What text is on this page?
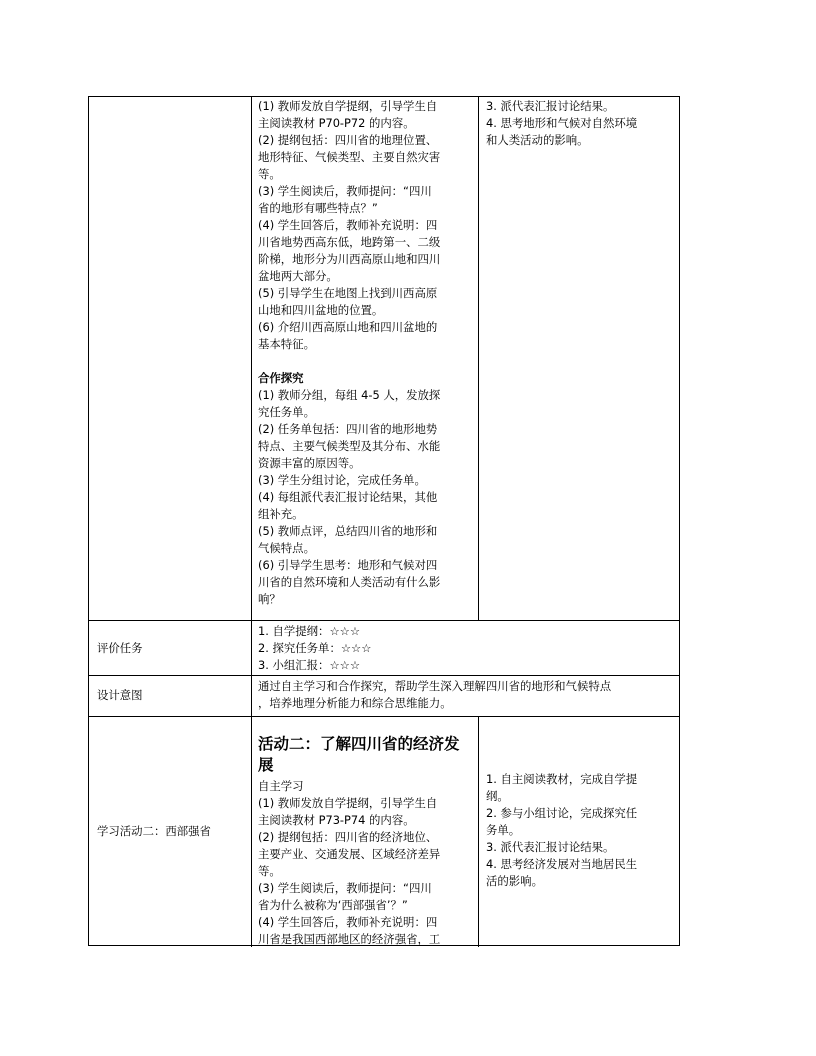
(1) 教师发放自学提纲，引导学生自

主阅读教材 P70-P72 的内容。

(2) 提纲包括：四川省的地理位置、

地形特征、气候类型、主要自然灾害

等。

(3) 学生阅读后，教师提问：“四川

省的地形有哪些特点？”

(4) 学生回答后，教师补充说明：四

川省地势西高东低，地跨第一、二级

阶梯，地形分为川西高原山地和四川

盆地两大部分。

(5) 引导学生在地图上找到川西高原

山地和四川盆地的位置。

(6) 介绍川西高原山地和四川盆地的

基本特征。

合作探究

(1) 教师分组，每组 4-5 人，发放探

究任务单。

(2) 任务单包括：四川省的地形地势

特点、主要气候类型及其分布、水能

资源丰富的原因等。

(3) 学生分组讨论，完成任务单。

(4) 每组派代表汇报讨论结果，其他

组补充。

(5) 教师点评，总结四川省的地形和

气候特点。

(6) 引导学生思考：地形和气候对四

川省的自然环境和人类活动有什么影

响？

3. 派代表汇报讨论结果。

4. 思考地形和气候对自然环境

和人类活动的影响。

评价任务

1. 自学提纲：☆☆☆

2. 探究任务单：☆☆☆

3. 小组汇报：☆☆☆

设计意图

通过自主学习和合作探究，帮助学生深入理解四川省的地形和气候特点

，培养地理分析能力和综合思维能力。

学习活动二：西部强省

活动二：了解四川省的经济发

展

自主学习

(1) 教师发放自学提纲，引导学生自

主阅读教材 P73-P74 的内容。

(2) 提纲包括：四川省的经济地位、

主要产业、交通发展、区域经济差异

等。

(3) 学生阅读后，教师提问：“四川

省为什么被称为‘西部强省’？”

(4) 学生回答后，教师补充说明：四

川省是我国西部地区的经济强省，工

1. 自主阅读教材，完成自学提

纲。

2. 参与小组讨论，完成探究任

务单。

3. 派代表汇报讨论结果。

4. 思考经济发展对当地居民生

活的影响。
